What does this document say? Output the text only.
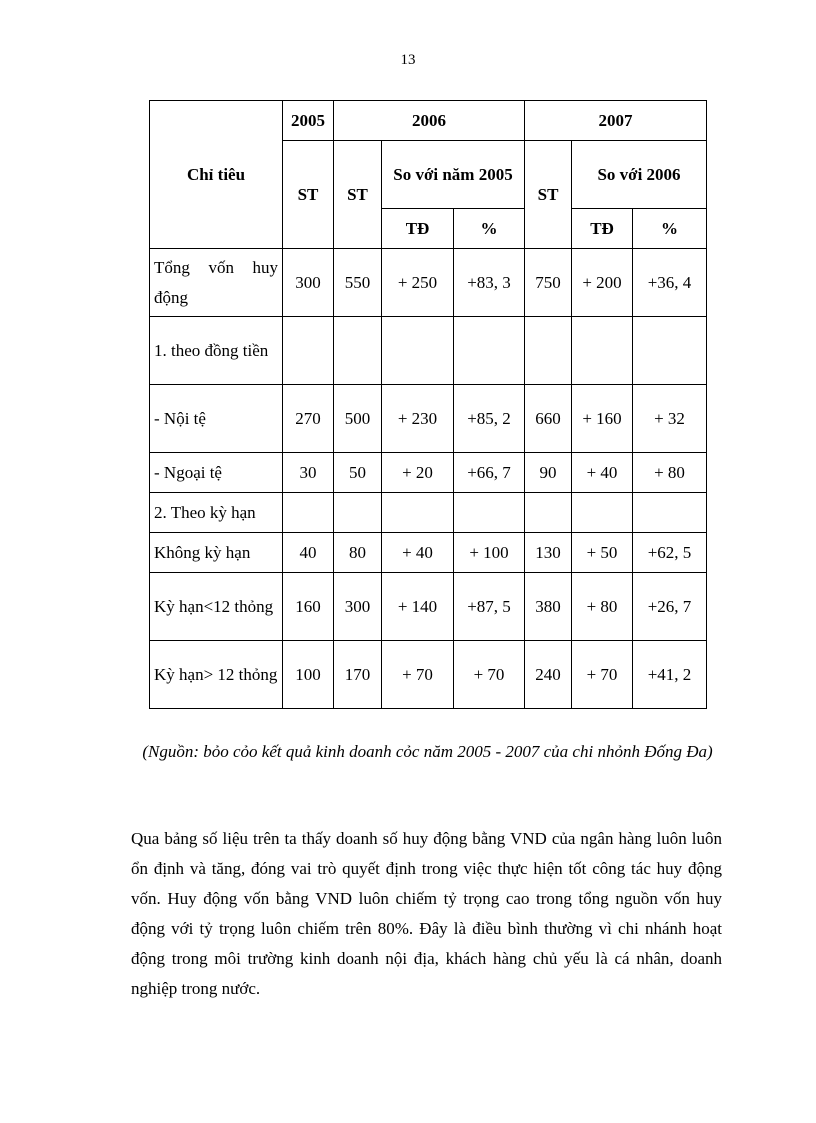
13
Chỉ tiêu	2005	2006			2007		
	ST	ST	So với năm 2005		ST	So với 2006	
			TĐ	%		TĐ	%
Tổng vốn huy động	300	550	+ 250	+83, 3	750	+ 200	+36, 4
1. theo đồng tiền							
- Nội tệ	270	500	+ 230	+85, 2	660	+ 160	+ 32
- Ngoại tệ	30	50	+ 20	+66, 7	90	+ 40	+ 80
2. Theo kỳ hạn							
Không kỳ hạn	40	80	+ 40	+ 100	130	+ 50	+62, 5
Kỳ hạn<12 thỏng	160	300	+ 140	+87, 5	380	+ 80	+26, 7
Kỳ hạn> 12 thỏng	100	170	+ 70	+ 70	240	+ 70	+41, 2
(Nguồn: bỏo cỏo kết quả kinh doanh cỏc năm 2005 - 2007 của chi nhỏnh Đống Đa)

Qua bảng số liệu trên ta thấy doanh số huy động bằng VND của ngân hàng luôn luôn ổn định và tăng, đóng vai trò quyết định trong việc thực hiện tốt công tác huy động vốn. Huy động vốn bằng VND luôn chiếm tỷ trọng cao trong tổng nguồn vốn huy động với tỷ trọng luôn chiếm trên 80%. Đây là điều bình thường vì chi nhánh hoạt động trong môi trường kinh doanh nội địa, khách hàng chủ yếu là cá nhân, doanh nghiệp trong nước.
